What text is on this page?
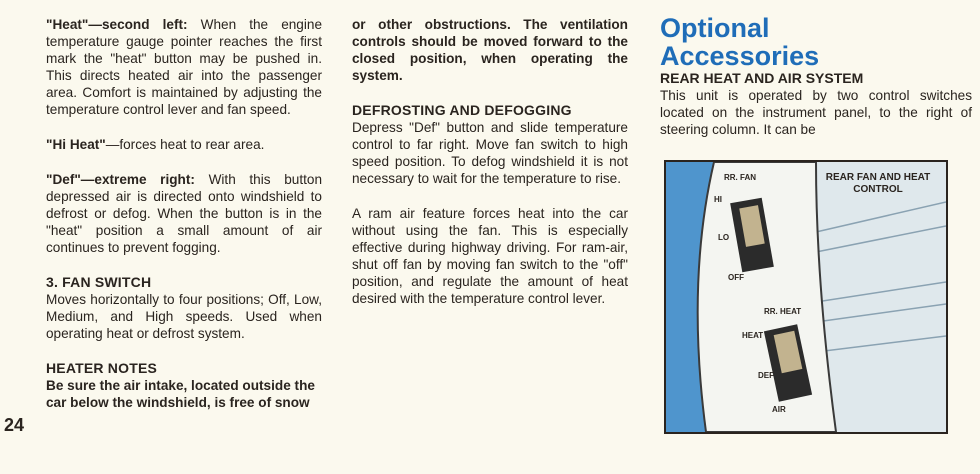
"Heat"—second left: When the engine temperature gauge pointer reaches the first mark the "heat" button may be pushed in. This directs heated air into the passenger area. Comfort is maintained by adjusting the temperature control lever and fan speed.

"Hi Heat"—forces heat to rear area.

"Def"—extreme right: With this button depressed air is directed onto windshield to defrost or defog. When the button is in the "heat" position a small amount of air continues to prevent fogging.

3. FAN SWITCH

Moves horizontally to four positions; Off, Low, Medium, and High speeds. Used when operating heat or defrost system.

HEATER NOTES

Be sure the air intake, located outside the car below the windshield, is free of snow

24

or other obstructions. The ventilation controls should be moved forward to the closed position, when operating the system.

DEFROSTING AND DEFOGGING

Depress "Def" button and slide temperature control to far right. Move fan switch to high speed position. To defog windshield it is not necessary to wait for the temperature to rise.

A ram air feature forces heat into the car without using the fan. This is especially effective during highway driving. For ram-air, shut off fan by moving fan switch to the "off" position, and regulate the amount of heat desired with the temperature control lever.

Optional

Accessories

REAR HEAT AND AIR SYSTEM

This unit is operated by two control switches located on the instrument panel, to the right of steering column. It can be

RR. FAN
HI
LO
OFF
RR. HEAT
HEAT
DEF
AIR
REAR FAN AND HEAT CONTROL
